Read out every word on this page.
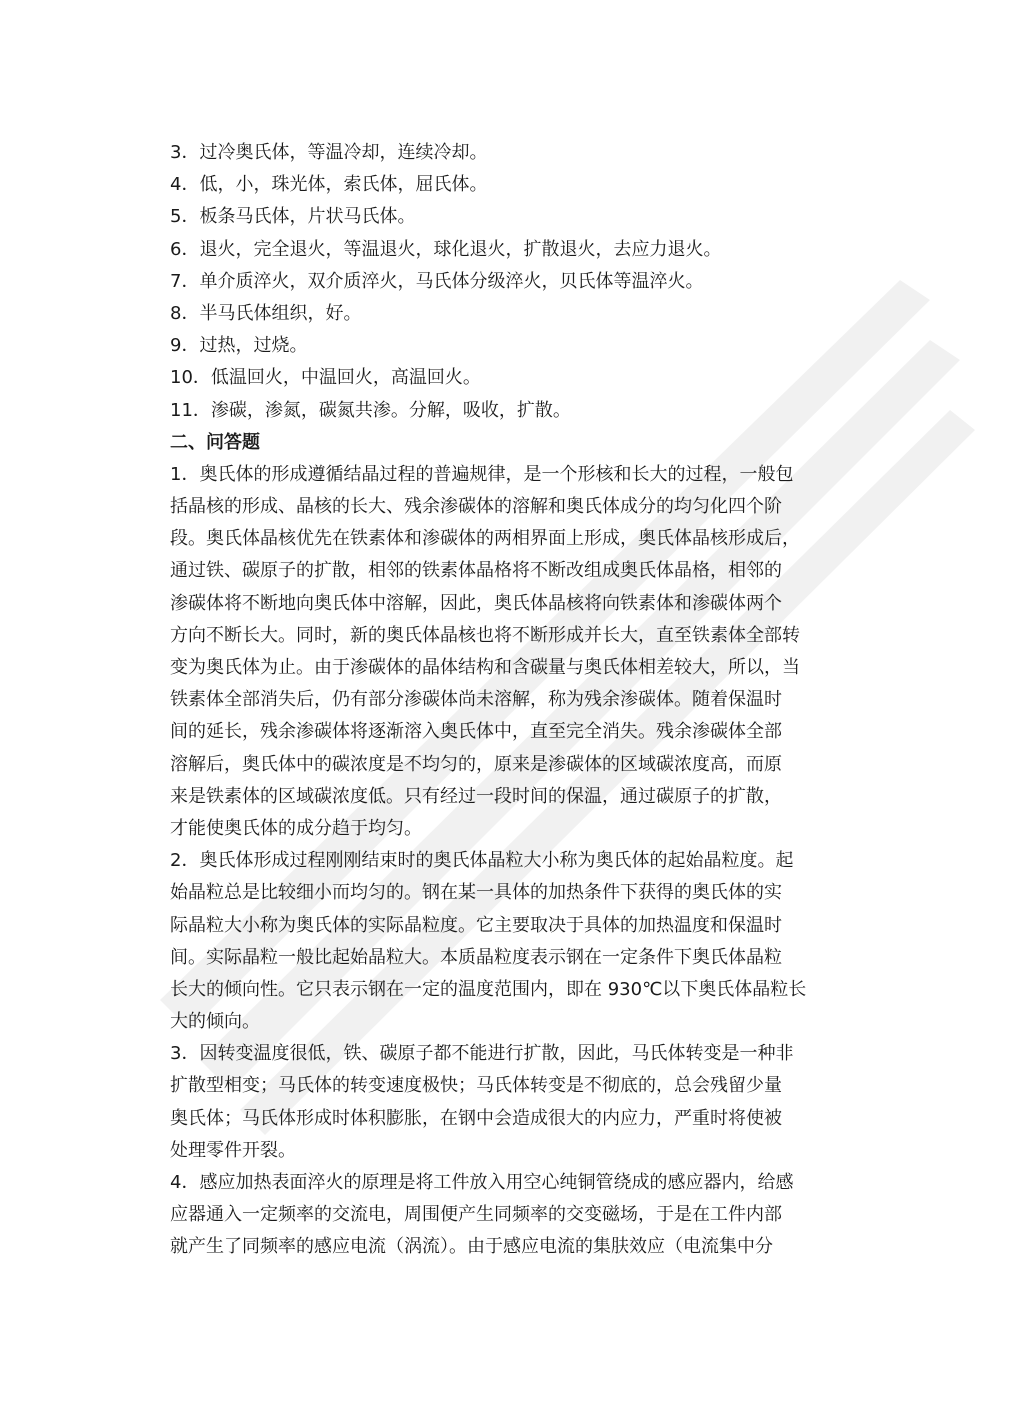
3．过冷奥氏体，等温冷却，连续冷却。
4．低，小，珠光体，索氏体，屈氏体。
5．板条马氏体，片状马氏体。
6．退火，完全退火，等温退火，球化退火，扩散退火，去应力退火。
7．单介质淬火，双介质淬火，马氏体分级淬火，贝氏体等温淬火。
8．半马氏体组织，好。
9．过热，过烧。
10．低温回火，中温回火，高温回火。
11．渗碳，渗氮，碳氮共渗。分解，吸收，扩散。
二、问答题
1．奥氏体的形成遵循结晶过程的普遍规律，是一个形核和长大的过程，一般包
括晶核的形成、晶核的长大、残余渗碳体的溶解和奥氏体成分的均匀化四个阶
段。奥氏体晶核优先在铁素体和渗碳体的两相界面上形成，奥氏体晶核形成后，
通过铁、碳原子的扩散，相邻的铁素体晶格将不断改组成奥氏体晶格，相邻的
渗碳体将不断地向奥氏体中溶解，因此，奥氏体晶核将向铁素体和渗碳体两个
方向不断长大。同时，新的奥氏体晶核也将不断形成并长大，直至铁素体全部转
变为奥氏体为止。由于渗碳体的晶体结构和含碳量与奥氏体相差较大，所以，当
铁素体全部消失后，仍有部分渗碳体尚未溶解，称为残余渗碳体。随着保温时
间的延长，残余渗碳体将逐渐溶入奥氏体中，直至完全消失。残余渗碳体全部
溶解后，奥氏体中的碳浓度是不均匀的，原来是渗碳体的区域碳浓度高，而原
来是铁素体的区域碳浓度低。只有经过一段时间的保温，通过碳原子的扩散，
才能使奥氏体的成分趋于均匀。
2．奥氏体形成过程刚刚结束时的奥氏体晶粒大小称为奥氏体的起始晶粒度。起
始晶粒总是比较细小而均匀的。钢在某一具体的加热条件下获得的奥氏体的实
际晶粒大小称为奥氏体的实际晶粒度。它主要取决于具体的加热温度和保温时
间。实际晶粒一般比起始晶粒大。本质晶粒度表示钢在一定条件下奥氏体晶粒
长大的倾向性。它只表示钢在一定的温度范围内，即在 930℃以下奥氏体晶粒长
大的倾向。
3．因转变温度很低，铁、碳原子都不能进行扩散，因此，马氏体转变是一种非
扩散型相变；马氏体的转变速度极快；马氏体转变是不彻底的，总会残留少量
奥氏体；马氏体形成时体积膨胀，在钢中会造成很大的内应力，严重时将使被
处理零件开裂。
4．感应加热表面淬火的原理是将工件放入用空心纯铜管绕成的感应器内，给感
应器通入一定频率的交流电，周围便产生同频率的交变磁场，于是在工件内部
就产生了同频率的感应电流（涡流）。由于感应电流的集肤效应（电流集中分
